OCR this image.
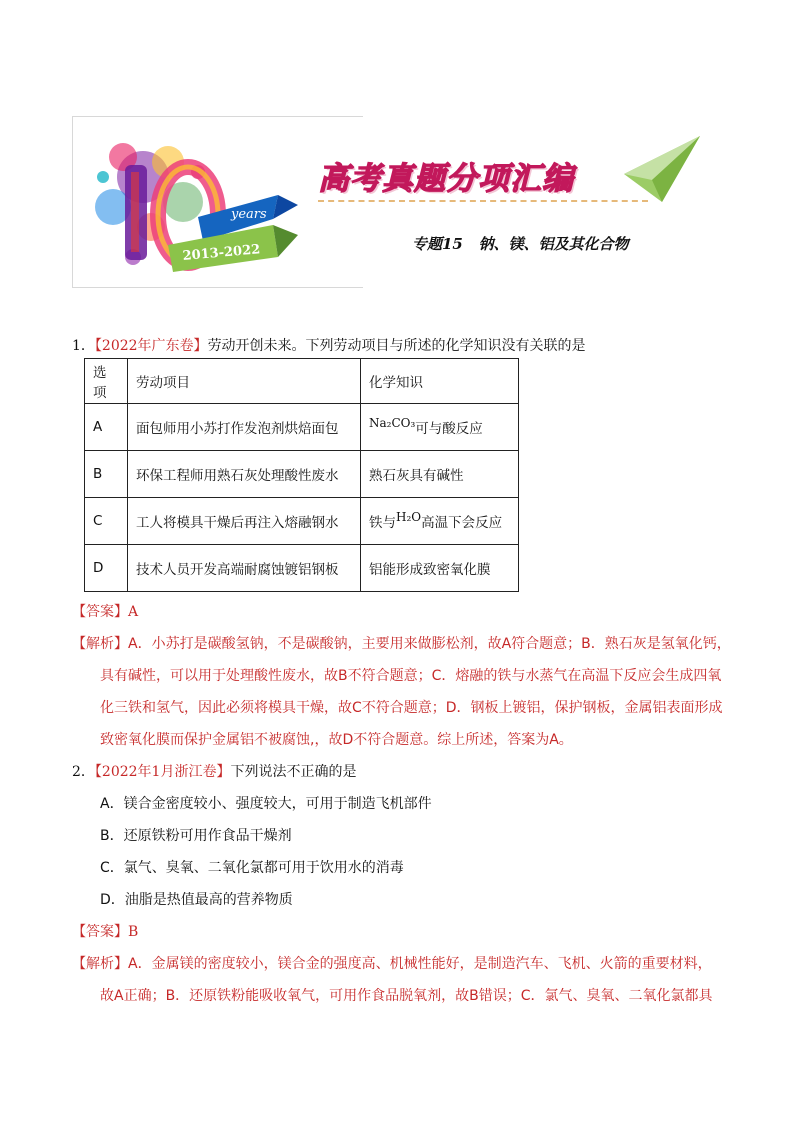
years
2013-2022
高考真题分项汇编
专题15   钠、镁、铝及其化合物
1．【2022年广东卷】劳动开创未来。下列劳动项目与所述的化学知识没有关联的是
选项	劳动项目	化学知识
A	面包师用小苏打作发泡剂烘焙面包	Na₂CO₃可与酸反应
B	环保工程师用熟石灰处理酸性废水	熟石灰具有碱性
C	工人将模具干燥后再注入熔融钢水	铁与H₂O高温下会反应
D	技术人员开发高端耐腐蚀镀铝钢板	铝能形成致密氧化膜
【答案】A
【解析】A．小苏打是碳酸氢钠，不是碳酸钠，主要用来做膨松剂，故A符合题意；B．熟石灰是氢氧化钙，
具有碱性，可以用于处理酸性废水，故B不符合题意；C．熔融的铁与水蒸气在高温下反应会生成四氧
化三铁和氢气，因此必须将模具干燥，故C不符合题意；D．钢板上镀铝，保护钢板，金属铝表面形成
致密氧化膜而保护金属铝不被腐蚀,，故D不符合题意。综上所述，答案为A。
2．【2022年1月浙江卷】下列说法不正确的是
A．镁合金密度较小、强度较大，可用于制造飞机部件
B．还原铁粉可用作食品干燥剂
C．氯气、臭氧、二氧化氯都可用于饮用水的消毒
D．油脂是热值最高的营养物质
【答案】B
【解析】A．金属镁的密度较小，镁合金的强度高、机械性能好，是制造汽车、飞机、火箭的重要材料，
故A正确；B．还原铁粉能吸收氧气，可用作食品脱氧剂，故B错误；C．氯气、臭氧、二氧化氯都具
